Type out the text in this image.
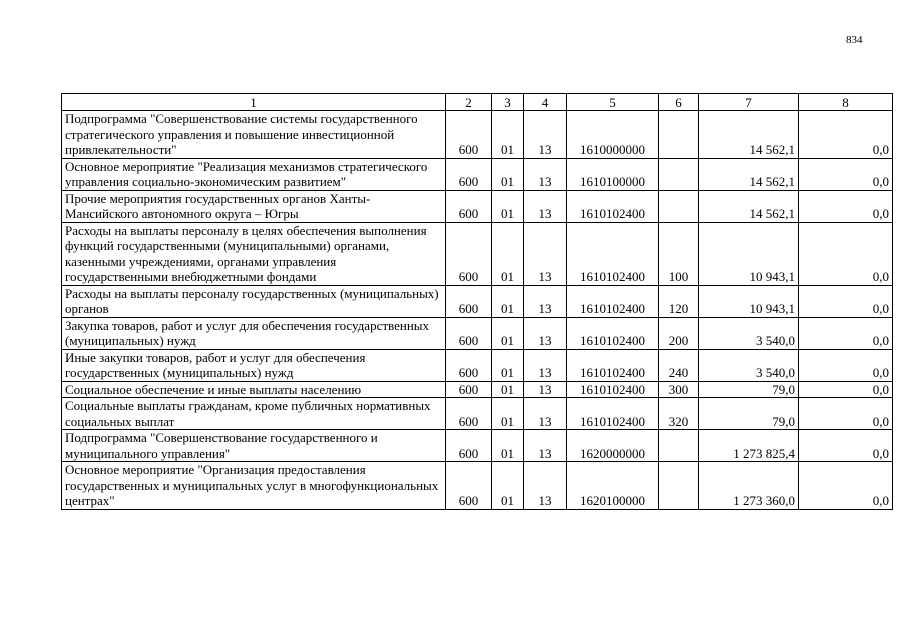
834
1	2	3	4	5	6	7	8
Подпрограмма "Совершенствование системы государственного стратегического управления и повышение инвестиционной привлекательности"	600	01	13	1610000000		14 562,1	0,0
Основное мероприятие "Реализация механизмов стратегического управления социально-экономическим развитием"	600	01	13	1610100000		14 562,1	0,0
Прочие мероприятия государственных органов Ханты-Мансийского автономного округа – Югры	600	01	13	1610102400		14 562,1	0,0
Расходы на выплаты персоналу в целях обеспечения выполнения функций государственными (муниципальными) органами, казенными учреждениями, органами управления государственными внебюджетными фондами	600	01	13	1610102400	100	10 943,1	0,0
Расходы на выплаты персоналу государственных (муниципальных) органов	600	01	13	1610102400	120	10 943,1	0,0
Закупка товаров, работ и услуг для обеспечения государственных (муниципальных) нужд	600	01	13	1610102400	200	3 540,0	0,0
Иные закупки товаров, работ и услуг для обеспечения государственных (муниципальных) нужд	600	01	13	1610102400	240	3 540,0	0,0
Социальное обеспечение и иные выплаты населению	600	01	13	1610102400	300	79,0	0,0
Социальные выплаты гражданам, кроме публичных нормативных социальных выплат	600	01	13	1610102400	320	79,0	0,0
Подпрограмма "Совершенствование государственного и муниципального управления"	600	01	13	1620000000		1 273 825,4	0,0
Основное мероприятие "Организация предоставления государственных и муниципальных услуг в многофункциональных центрах"	600	01	13	1620100000		1 273 360,0	0,0
